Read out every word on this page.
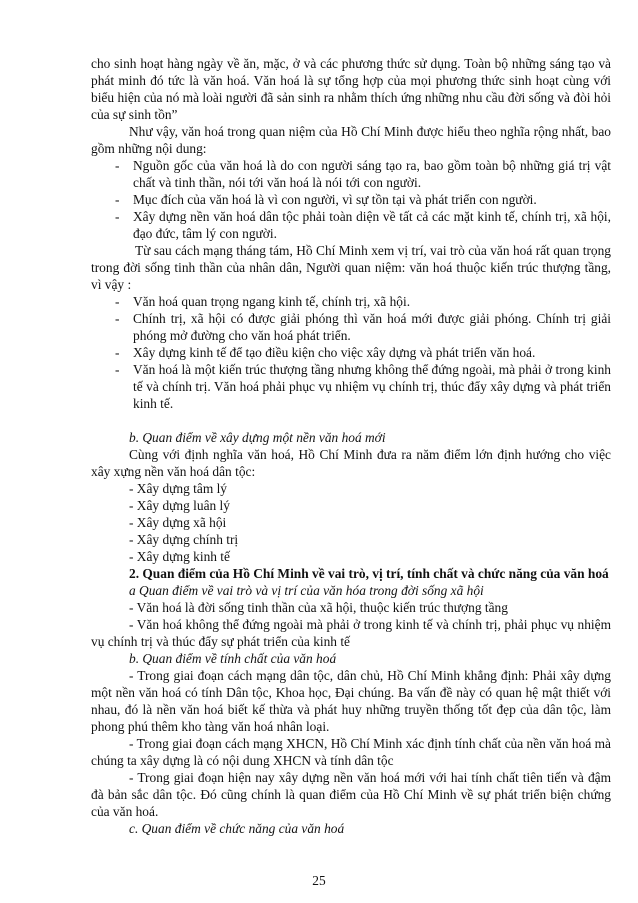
cho sinh hoạt hàng ngày về ăn, mặc, ở và các phương thức sử dụng. Toàn bộ những sáng tạo và phát minh đó tức là văn hoá. Văn hoá là sự tổng hợp của mọi phương thức sinh hoạt cùng với biểu hiện của nó mà loài người đã sản sinh ra nhằm thích ứng những nhu cầu đời sống và đòi hỏi của sự sinh tồn”

Như vậy, văn hoá trong quan niệm của Hồ Chí Minh được hiểu theo nghĩa rộng nhất, bao gồm những nội dung:

- Nguồn gốc của văn hoá là do con người sáng tạo ra, bao gồm toàn bộ những giá trị vật chất và tinh thần, nói tới văn hoá là nói tới con người.
- Mục đích của văn hoá là vì con người, vì sự tồn tại và phát triển con người.
- Xây dựng nền văn hoá dân tộc phải toàn diện về tất cả các mặt kinh tế, chính trị, xã hội, đạo đức, tâm lý con người.

Từ sau cách mạng tháng tám, Hồ Chí Minh xem vị trí, vai trò của văn hoá rất quan trọng trong đời sống tinh thần của nhân dân, Người quan niệm: văn hoá thuộc kiến trúc thượng tầng, vì vậy :

- Văn hoá quan trọng ngang kinh tế, chính trị, xã hội.
- Chính trị, xã hội có được giải phóng thì văn hoá mới được giải phóng. Chính trị giải phóng mở đường cho văn hoá phát triển.
- Xây dựng kinh tế để tạo điều kiện cho việc xây dựng và phát triển văn hoá.
- Văn hoá là một kiến trúc thượng tầng nhưng không thể đứng ngoài, mà phải ở trong kinh tế và chính trị. Văn hoá phải phục vụ nhiệm vụ chính trị, thúc đẩy xây dựng và phát triển kinh tế.

b. Quan điểm về xây dựng một nền văn hoá mới

Cùng với định nghĩa văn hoá, Hồ Chí Minh đưa ra năm điểm lớn định hướng cho việc xây xựng nền văn hoá dân tộc:

- Xây dựng tâm lý

- Xây dựng luân lý

- Xây dựng xã hội

- Xây dựng chính trị

- Xây dựng kinh tế

2. Quan điểm của Hồ Chí Minh về vai trò, vị trí, tính chất và chức năng của văn hoá

a Quan điểm về vai trò và vị trí của văn hóa trong đời sống xã hội

- Văn hoá là đời sống tinh thần của xã hội, thuộc kiến trúc thượng tầng

- Văn hoá không thể đứng ngoài mà phải ở trong kinh tế và chính trị, phải phục vụ nhiệm vụ chính trị và thúc đẩy sự phát triển của kinh tế

b. Quan điểm về tính chất của văn hoá

- Trong giai đoạn cách mạng dân tộc, dân chủ, Hồ Chí Minh khẳng định: Phải xây dựng một nền văn hoá có tính Dân tộc, Khoa học, Đại chúng. Ba vấn đề này có quan hệ mật thiết với nhau, đó là nền văn hoá biết kế thừa và phát huy những truyền thống tốt đẹp của dân tộc, làm phong phú thêm kho tàng văn hoá nhân loại.

- Trong giai đoạn cách mạng XHCN, Hồ Chí Minh xác định tính chất của nền văn hoá mà chúng ta xây dựng là có nội dung XHCN và tính dân tộc

- Trong giai đoạn hiện nay xây dựng nền văn hoá mới với hai tính chất tiên tiến và đậm đà bản sắc dân tộc. Đó cũng chính là quan điểm của Hồ Chí Minh về sự phát triển biện chứng của văn hoá.

c. Quan điểm về chức năng của văn hoá

25
